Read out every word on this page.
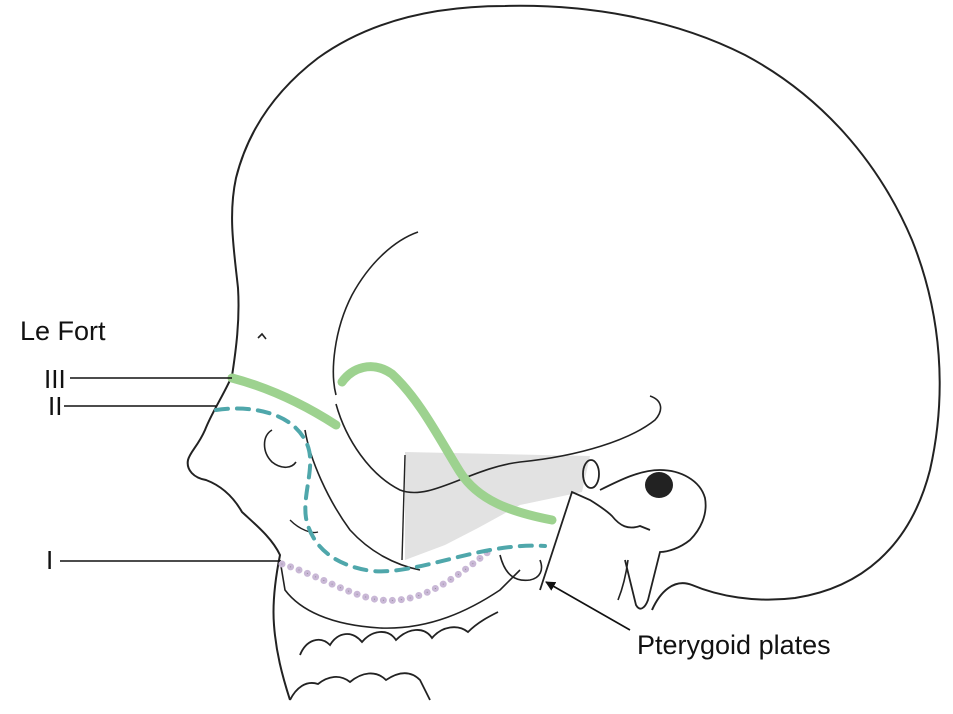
Le Fort
III
II
I
Pterygoid plates
